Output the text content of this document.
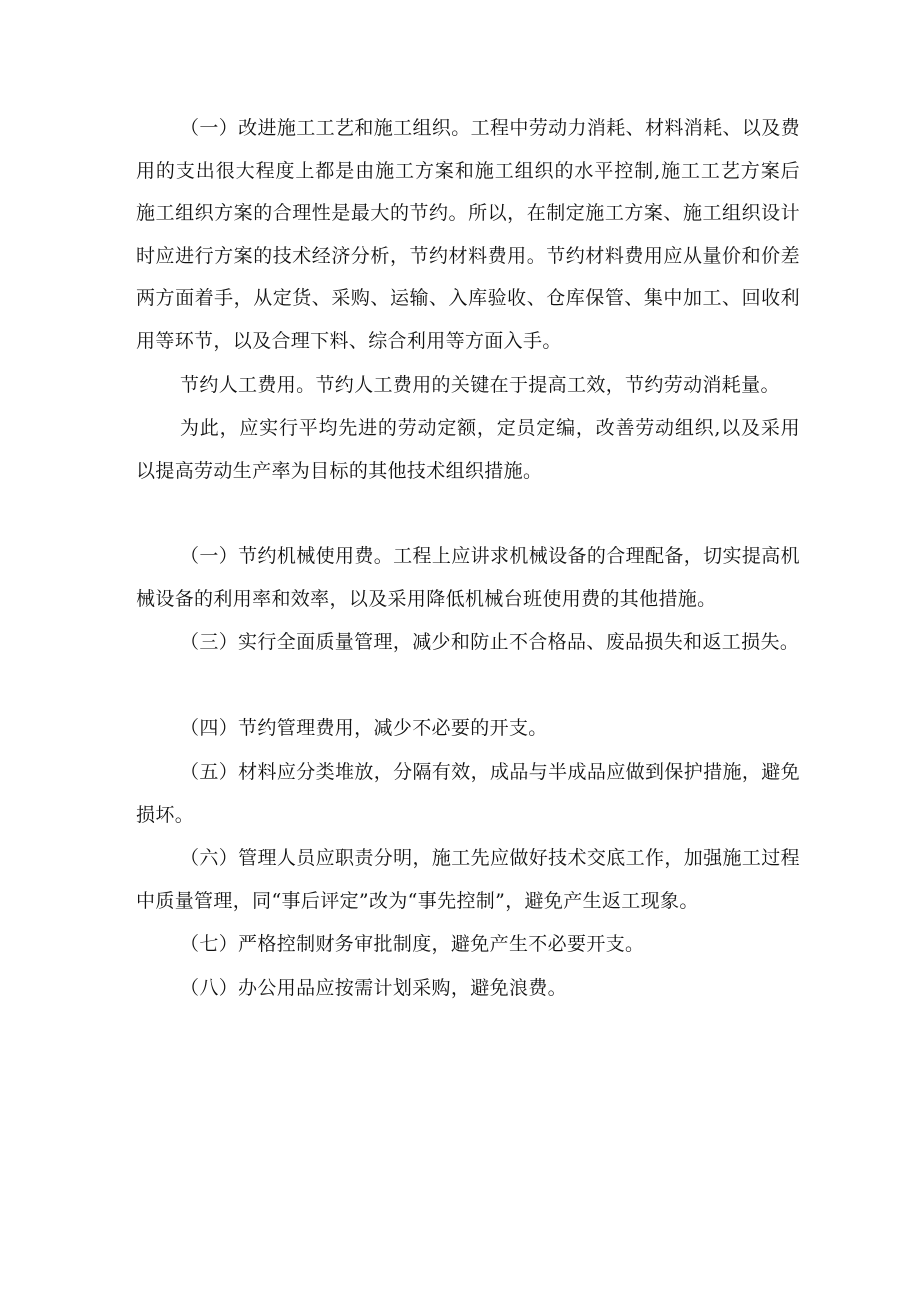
（一）改进施工工艺和施工组织。工程中劳动力消耗、材料消耗、以及费用的支出很大程度上都是由施工方案和施工组织的水平控制,施工工艺方案后施工组织方案的合理性是最大的节约。所以，在制定施工方案、施工组织设计时应进行方案的技术经济分析，节约材料费用。节约材料费用应从量价和价差两方面着手，从定货、采购、运输、入库验收、仓库保管、集中加工、回收利用等环节，以及合理下料、综合利用等方面入手。

节约人工费用。节约人工费用的关键在于提高工效，节约劳动消耗量。

为此，应实行平均先进的劳动定额，定员定编，改善劳动组织,以及采用以提高劳动生产率为目标的其他技术组织措施。

（一）节约机械使用费。工程上应讲求机械设备的合理配备，切实提高机械设备的利用率和效率，以及采用降低机械台班使用费的其他措施。

（三）实行全面质量管理，减少和防止不合格品、废品损失和返工损失。

（四）节约管理费用，减少不必要的开支。

（五）材料应分类堆放，分隔有效，成品与半成品应做到保护措施，避免损坏。

（六）管理人员应职责分明，施工先应做好技术交底工作，加强施工过程中质量管理，同“事后评定”改为“事先控制”，避免产生返工现象。

（七）严格控制财务审批制度，避免产生不必要开支。

（八）办公用品应按需计划采购，避免浪费。
